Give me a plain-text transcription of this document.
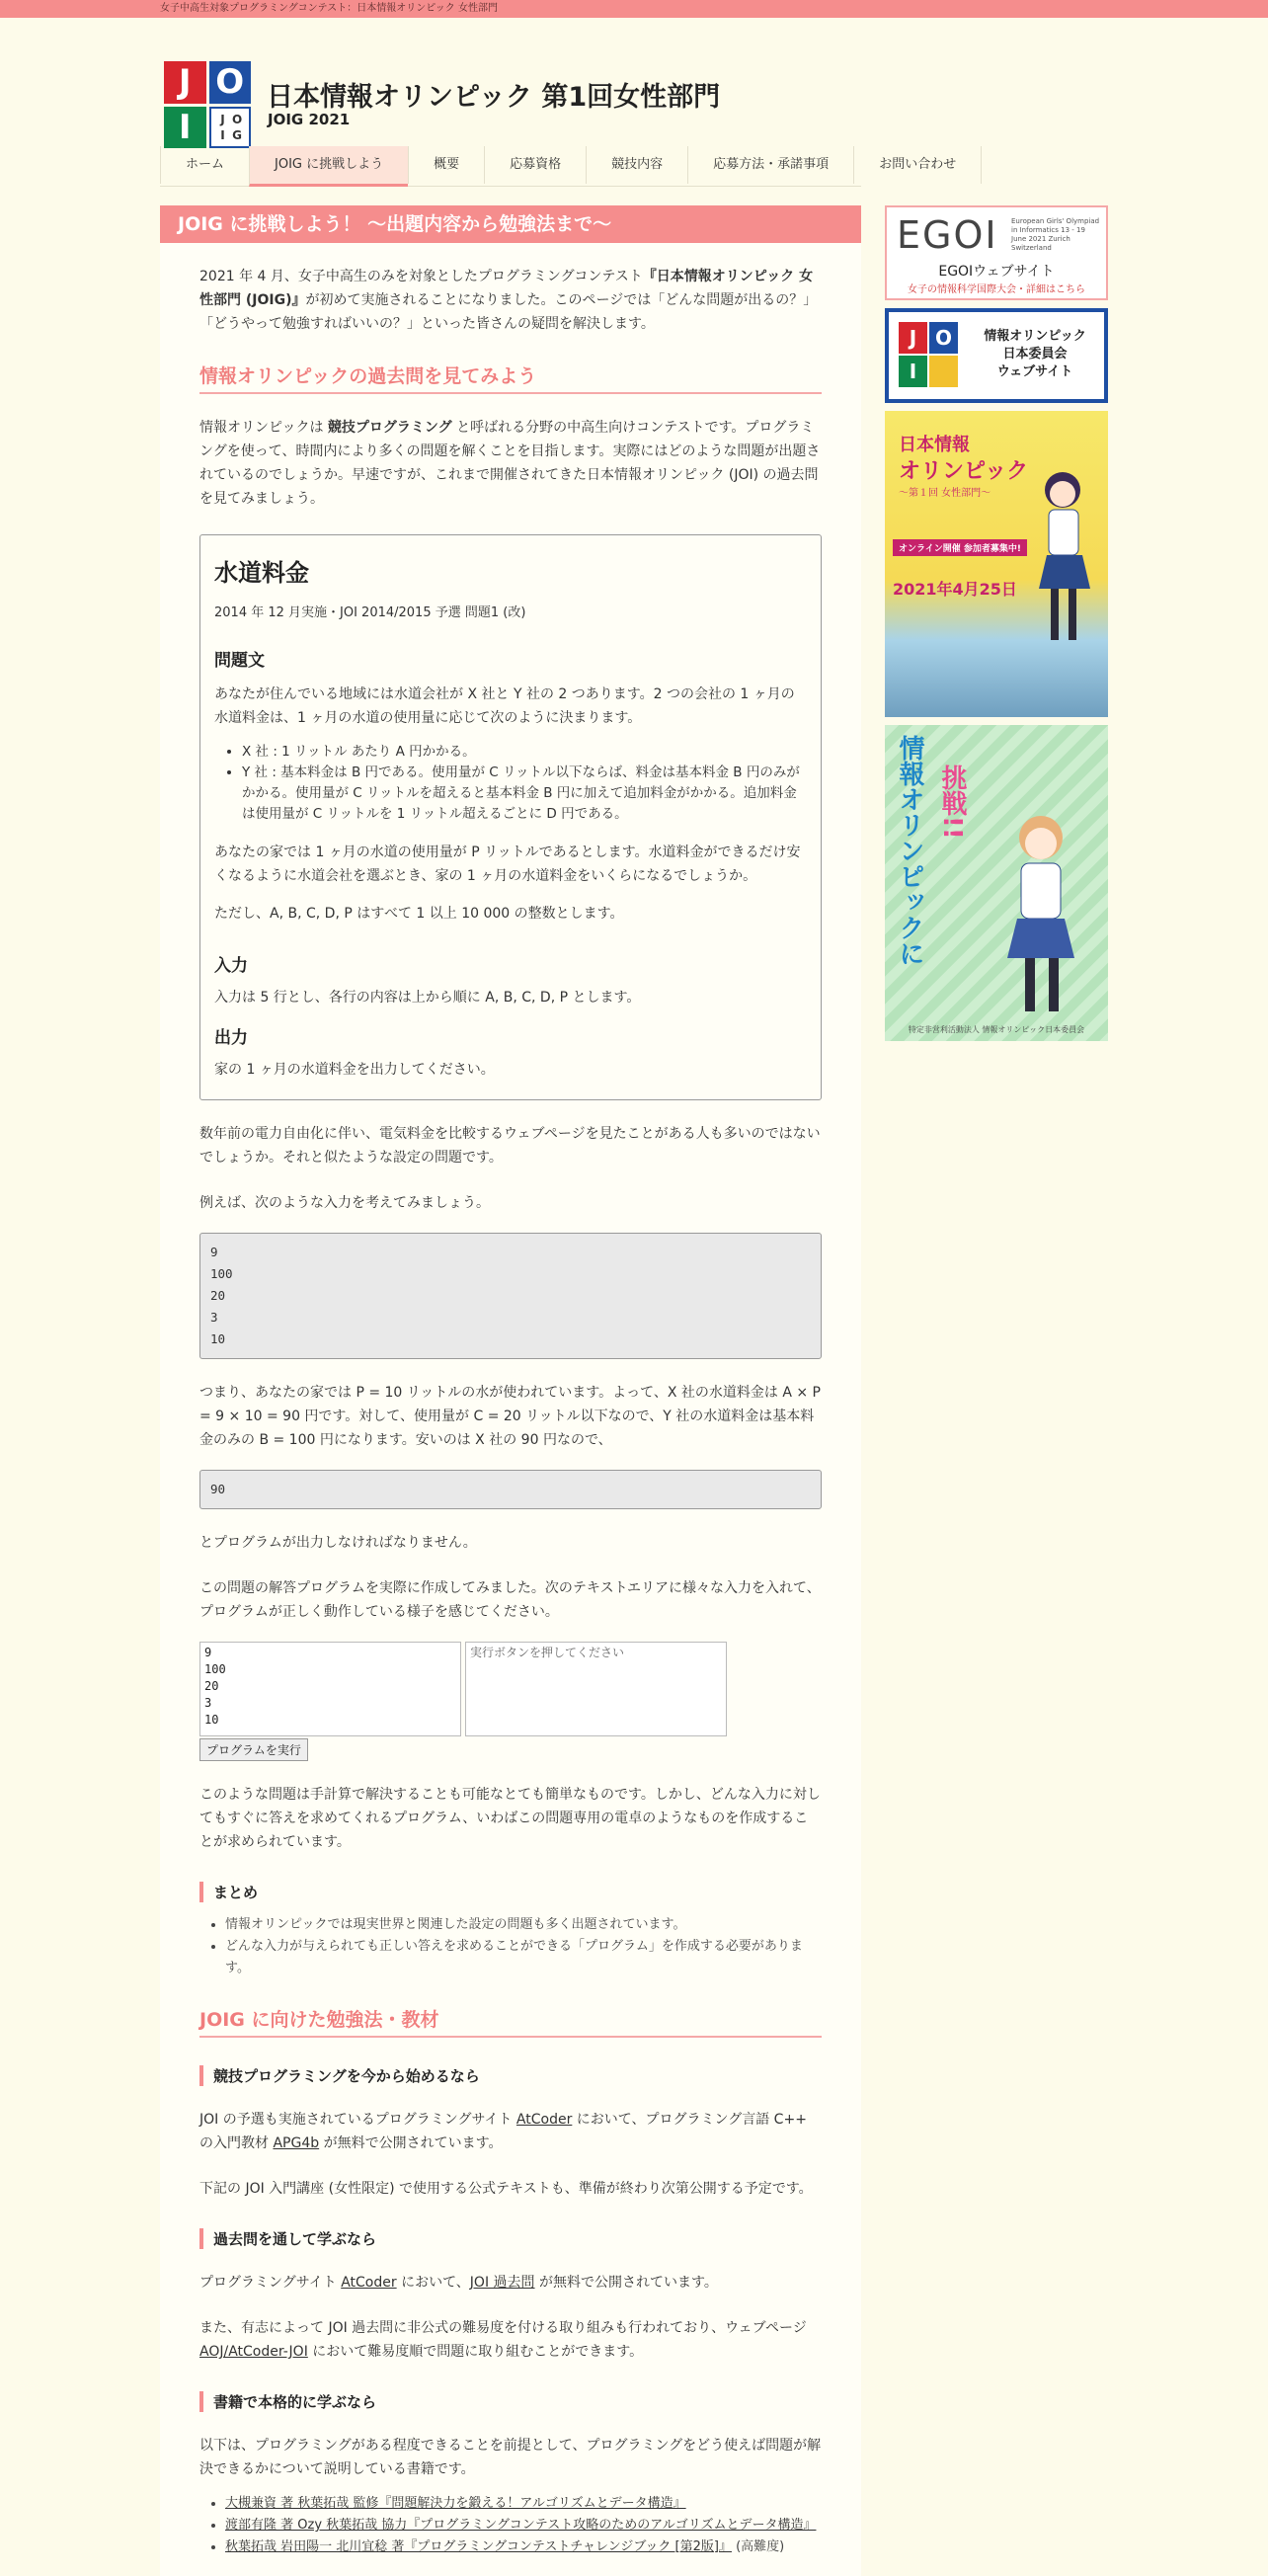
女子中高生対象プログラミングコンテスト：日本情報オリンピック 女性部門
J O
I	J O
I G
日本情報オリンピック 第1回女性部門
JOIG 2021
ホーム	JOIG に挑戦しよう	概要	応募資格	競技内容	応募方法・承諾事項	お問い合わせ
JOIG に挑戦しよう！ ～出題内容から勉強法まで～

2021 年 4 月、女子中高生のみを対象としたプログラミングコンテスト『日本情報オリンピック 女性部門 (JOIG)』が初めて実施されることになりました。このページでは「どんな問題が出るの？」「どうやって勉強すればいいの？」といった皆さんの疑問を解決します。

情報オリンピックの過去問を見てみよう

情報オリンピックは 競技プログラミング と呼ばれる分野の中高生向けコンテストです。プログラミングを使って、時間内により多くの問題を解くことを目指します。実際にはどのような問題が出題されているのでしょうか。早速ですが、これまで開催されてきた日本情報オリンピック (JOI) の過去問を見てみましょう。

水道料金
2014 年 12 月実施・JOI 2014/2015 予選 問題1 (改)
問題文

あなたが住んでいる地域には水道会社が X 社と Y 社の 2 つあります。2 つの会社の 1 ヶ月の水道料金は、1 ヶ月の水道の使用量に応じて次のように決まります。

• X 社 : 1 リットル あたり A 円かかる。
• Y 社 : 基本料金は B 円である。使用量が C リットル以下ならば、料金は基本料金 B 円のみがかかる。使用量が C リットルを超えると基本料金 B 円に加えて追加料金がかかる。追加料金は使用量が C リットルを 1 リットル超えるごとに D 円である。

あなたの家では 1 ヶ月の水道の使用量が P リットルであるとします。水道料金ができるだけ安くなるように水道会社を選ぶとき、家の 1 ヶ月の水道料金をいくらになるでしょうか。

ただし、A, B, C, D, P はすべて 1 以上 10 000 の整数とします。

入力

入力は 5 行とし、各行の内容は上から順に A, B, C, D, P とします。

出力

家の 1 ヶ月の水道料金を出力してください。

数年前の電力自由化に伴い、電気料金を比較するウェブページを見たことがある人も多いのではないでしょうか。それと似たような設定の問題です。

例えば、次のような入力を考えてみましょう。

9
100
20
3
10

つまり、あなたの家では P = 10 リットルの水が使われています。よって、X 社の水道料金は A × P = 9 × 10 = 90 円です。対して、使用量が C = 20 リットル以下なので、Y 社の水道料金は基本料金のみの B = 100 円になります。安いのは X 社の 90 円なので、

90

とプログラムが出力しなければなりません。

この問題の解答プログラムを実際に作成してみました。次のテキストエリアに様々な入力を入れて、プログラムが正しく動作している様子を感じてください。

9
100
20
3
10
実行ボタンを押してください
プログラムを実行

このような問題は手計算で解決することも可能なとても簡単なものです。しかし、どんな入力に対してもすぐに答えを求めてくれるプログラム、いわばこの問題専用の電卓のようなものを作成することが求められています。

まとめ
• 情報オリンピックでは現実世界と関連した設定の問題も多く出題されています。
• どんな入力が与えられても正しい答えを求めることができる「プログラム」を作成する必要があります。
JOIG に向けた勉強法・教材
競技プログラミングを今から始めるなら

JOI の予選も実施されているプログラミングサイト AtCoder において、プログラミング言語 C++ の入門教材 APG4b が無料で公開されています。

下記の JOI 入門講座 (女性限定) で使用する公式テキストも、準備が終わり次第公開する予定です。

過去問を通して学ぶなら

プログラミングサイト AtCoder において、JOI 過去問 が無料で公開されています。

また、有志によって JOI 過去問に非公式の難易度を付ける取り組みも行われており、ウェブページ AOJ/AtCoder-JOI において難易度順で問題に取り組むことができます。

書籍で本格的に学ぶなら

以下は、プログラミングがある程度できることを前提として、プログラミングをどう使えば問題が解決できるかについて説明している書籍です。

• 大槻兼資 著 秋葉拓哉 監修『問題解決力を鍛える！アルゴリズムとデータ構造』
• 渡部有隆 著 Ozy 秋葉拓哉 協力『プログラミングコンテスト攻略のためのアルゴリズムとデータ構造』
• 秋葉拓哉 岩田陽一 北川宜稔 著『プログラミングコンテストチャレンジブック [第2版]』 (高難度)
EGOI European Girls' Olympiad in Informatics 13 - 19 June 2021 Zurich Switzerland
EGOIウェブサイト
女子の情報科学国際大会・詳細はこちら
J O
I
情報オリンピック
日本委員会
ウェブサイト
日本情報
オリンピック
～第１回 女性部門～
オンライン開催 参加者募集中!
2021年4月25日
情報オリンピックに 挑戦!!
特定非営利活動法人 情報オリンピック日本委員会
